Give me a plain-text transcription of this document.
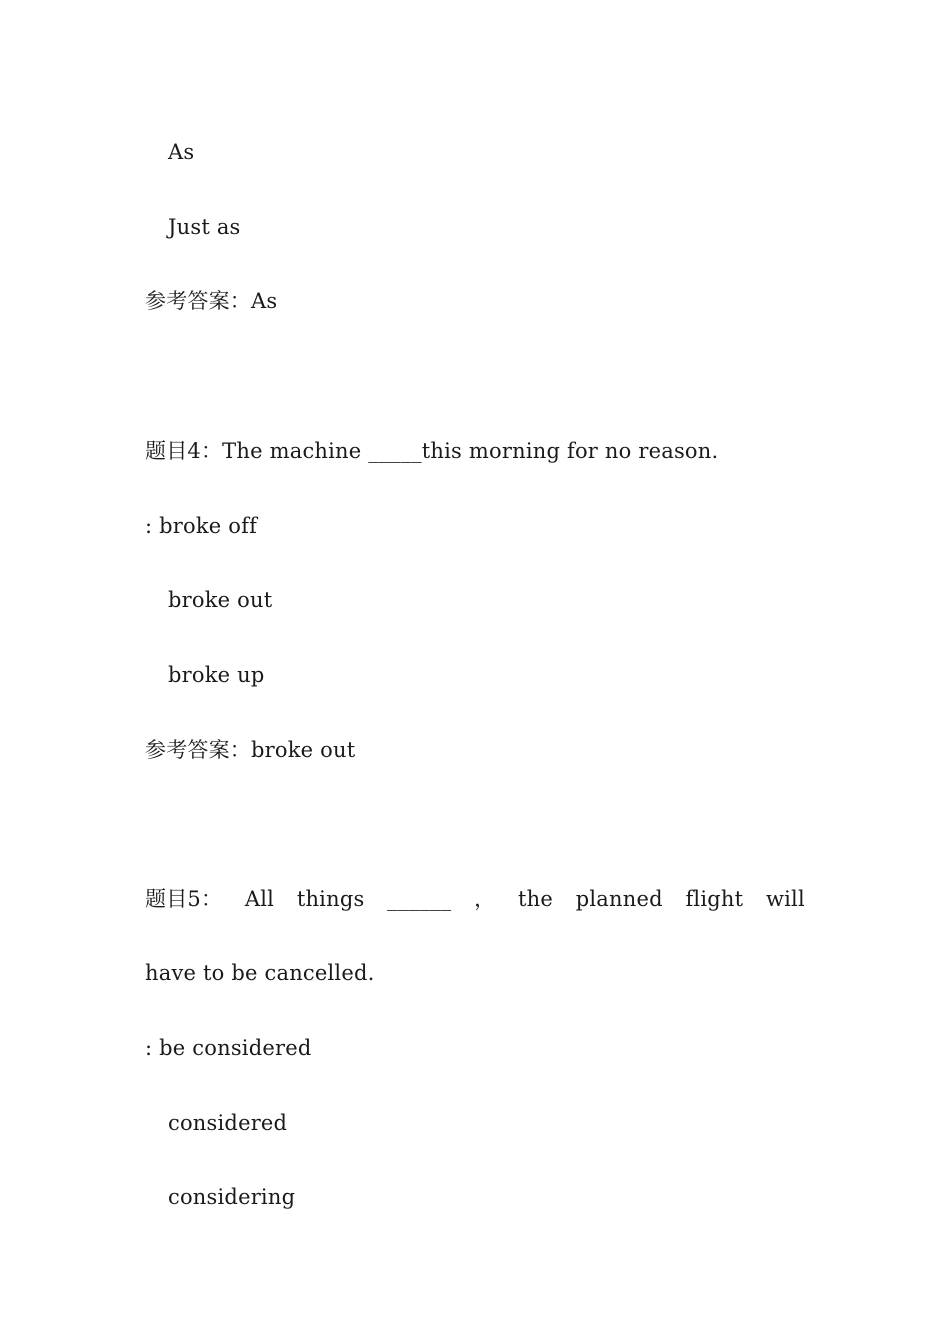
As
Just as
参考答案：As
题目4：The machine _____this morning for no reason.
: broke off
broke out
broke up
参考答案：broke out
题目5： All things ______ ， the planned flight will
have to be cancelled.
: be considered
considered
considering
